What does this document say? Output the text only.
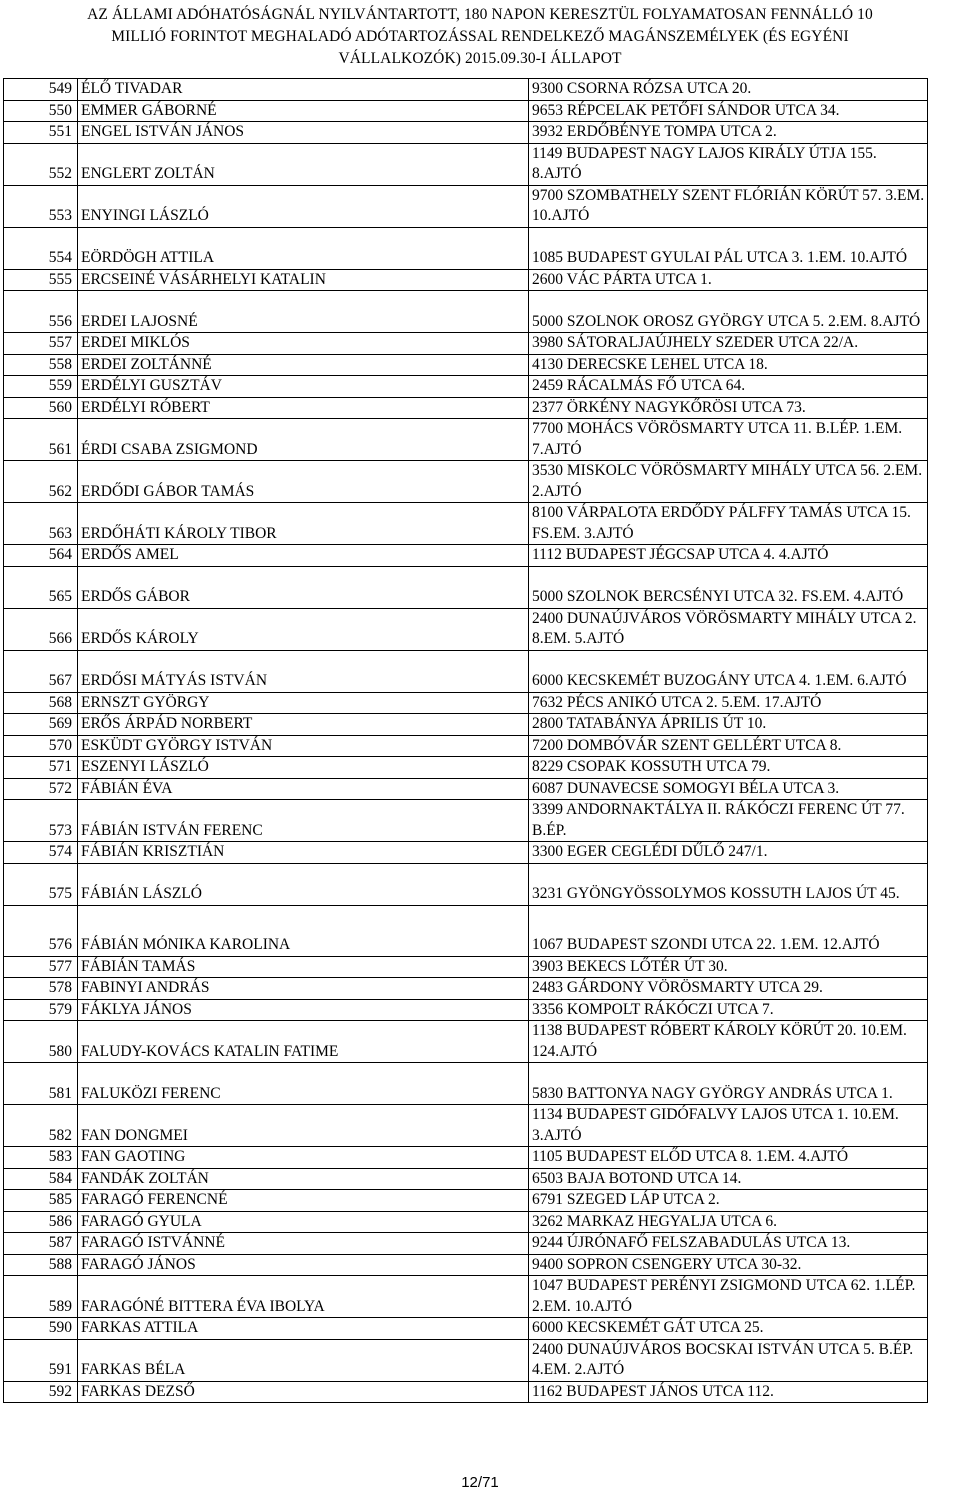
AZ ÁLLAMI ADÓHATÓSÁGNÁL NYILVÁNTARTOTT, 180 NAPON KERESZTÜL FOLYAMATOSAN FENNÁLLÓ 10
MILLIÓ FORINTOT MEGHALADÓ ADÓTARTOZÁSSAL RENDELKEZŐ MAGÁNSZEMÉLYEK (ÉS EGYÉNI
VÁLLALKOZÓK) 2015.09.30-I ÁLLAPOT
549	ÉLŐ TIVADAR	9300 CSORNA RÓZSA UTCA 20.
550	EMMER GÁBORNÉ	9653 RÉPCELAK PETŐFI SÁNDOR UTCA 34.
551	ENGEL ISTVÁN JÁNOS	3932 ERDŐBÉNYE TOMPA UTCA 2.
552	ENGLERT ZOLTÁN	1149 BUDAPEST NAGY LAJOS KIRÁLY ÚTJA 155. 8.AJTÓ
553	ENYINGI LÁSZLÓ	9700 SZOMBATHELY SZENT FLÓRIÁN KÖRÚT 57. 3.EM. 10.AJTÓ
554	EÖRDÖGH ATTILA	1085 BUDAPEST GYULAI PÁL UTCA 3. 1.EM. 10.AJTÓ
555	ERCSEINÉ VÁSÁRHELYI KATALIN	2600 VÁC PÁRTA UTCA 1.
556	ERDEI LAJOSNÉ	5000 SZOLNOK OROSZ GYÖRGY UTCA 5. 2.EM. 8.AJTÓ
557	ERDEI MIKLÓS	3980 SÁTORALJAÚJHELY SZEDER UTCA 22/A.
558	ERDEI ZOLTÁNNÉ	4130 DERECSKE LEHEL UTCA 18.
559	ERDÉLYI GUSZTÁV	2459 RÁCALMÁS FŐ UTCA 64.
560	ERDÉLYI RÓBERT	2377 ÖRKÉNY NAGYKŐRÖSI UTCA 73.
561	ÉRDI CSABA ZSIGMOND	7700 MOHÁCS VÖRÖSMARTY UTCA 11. B.LÉP. 1.EM. 7.AJTÓ
562	ERDŐDI GÁBOR TAMÁS	3530 MISKOLC VÖRÖSMARTY MIHÁLY UTCA 56. 2.EM. 2.AJTÓ
563	ERDŐHÁTI KÁROLY TIBOR	8100 VÁRPALOTA ERDŐDY PÁLFFY TAMÁS UTCA 15. FS.EM. 3.AJTÓ
564	ERDŐS AMEL	1112 BUDAPEST JÉGCSAP UTCA 4. 4.AJTÓ
565	ERDŐS GÁBOR	5000 SZOLNOK BERCSÉNYI UTCA 32. FS.EM. 4.AJTÓ
566	ERDŐS KÁROLY	2400 DUNAÚJVÁROS VÖRÖSMARTY MIHÁLY UTCA 2. 8.EM. 5.AJTÓ
567	ERDŐSI MÁTYÁS ISTVÁN	6000 KECSKEMÉT BUZOGÁNY UTCA 4. 1.EM. 6.AJTÓ
568	ERNSZT GYÖRGY	7632 PÉCS ANIKÓ UTCA 2. 5.EM. 17.AJTÓ
569	ERŐS ÁRPÁD NORBERT	2800 TATABÁNYA ÁPRILIS ÚT 10.
570	ESKÜDT GYÖRGY ISTVÁN	7200 DOMBÓVÁR SZENT GELLÉRT UTCA 8.
571	ESZENYI LÁSZLÓ	8229 CSOPAK KOSSUTH UTCA 79.
572	FÁBIÁN ÉVA	6087 DUNAVECSE SOMOGYI BÉLA UTCA 3.
573	FÁBIÁN ISTVÁN FERENC	3399 ANDORNAKTÁLYA II. RÁKÓCZI FERENC ÚT 77. B.ÉP.
574	FÁBIÁN KRISZTIÁN	3300 EGER CEGLÉDI DŰLŐ 247/1.
575	FÁBIÁN LÁSZLÓ	3231 GYÖNGYÖSSOLYMOS KOSSUTH LAJOS ÚT 45.
576	FÁBIÁN MÓNIKA KAROLINA	1067 BUDAPEST SZONDI UTCA 22. 1.EM. 12.AJTÓ
577	FÁBIÁN TAMÁS	3903 BEKECS LŐTÉR ÚT 30.
578	FABINYI ANDRÁS	2483 GÁRDONY VÖRÖSMARTY UTCA 29.
579	FÁKLYA JÁNOS	3356 KOMPOLT RÁKÓCZI UTCA 7.
580	FALUDY-KOVÁCS KATALIN FATIME	1138 BUDAPEST RÓBERT KÁROLY KÖRÚT 20. 10.EM. 124.AJTÓ
581	FALUKÖZI FERENC	5830 BATTONYA NAGY GYÖRGY ANDRÁS UTCA 1.
582	FAN DONGMEI	1134 BUDAPEST GIDÓFALVY LAJOS UTCA 1. 10.EM. 3.AJTÓ
583	FAN GAOTING	1105 BUDAPEST ELŐD UTCA 8. 1.EM. 4.AJTÓ
584	FANDÁK ZOLTÁN	6503 BAJA BOTOND UTCA 14.
585	FARAGÓ FERENCNÉ	6791 SZEGED LÁP UTCA 2.
586	FARAGÓ GYULA	3262 MARKAZ HEGYALJA UTCA 6.
587	FARAGÓ ISTVÁNNÉ	9244 ÚJRÓNAFŐ FELSZABADULÁS UTCA 13.
588	FARAGÓ JÁNOS	9400 SOPRON CSENGERY UTCA 30-32.
589	FARAGÓNÉ BITTERA ÉVA IBOLYA	1047 BUDAPEST PERÉNYI ZSIGMOND UTCA 62. 1.LÉP. 2.EM. 10.AJTÓ
590	FARKAS ATTILA	6000 KECSKEMÉT GÁT UTCA 25.
591	FARKAS BÉLA	2400 DUNAÚJVÁROS BOCSKAI ISTVÁN UTCA 5. B.ÉP. 4.EM. 2.AJTÓ
592	FARKAS DEZSŐ	1162 BUDAPEST JÁNOS UTCA 112.
12/71
